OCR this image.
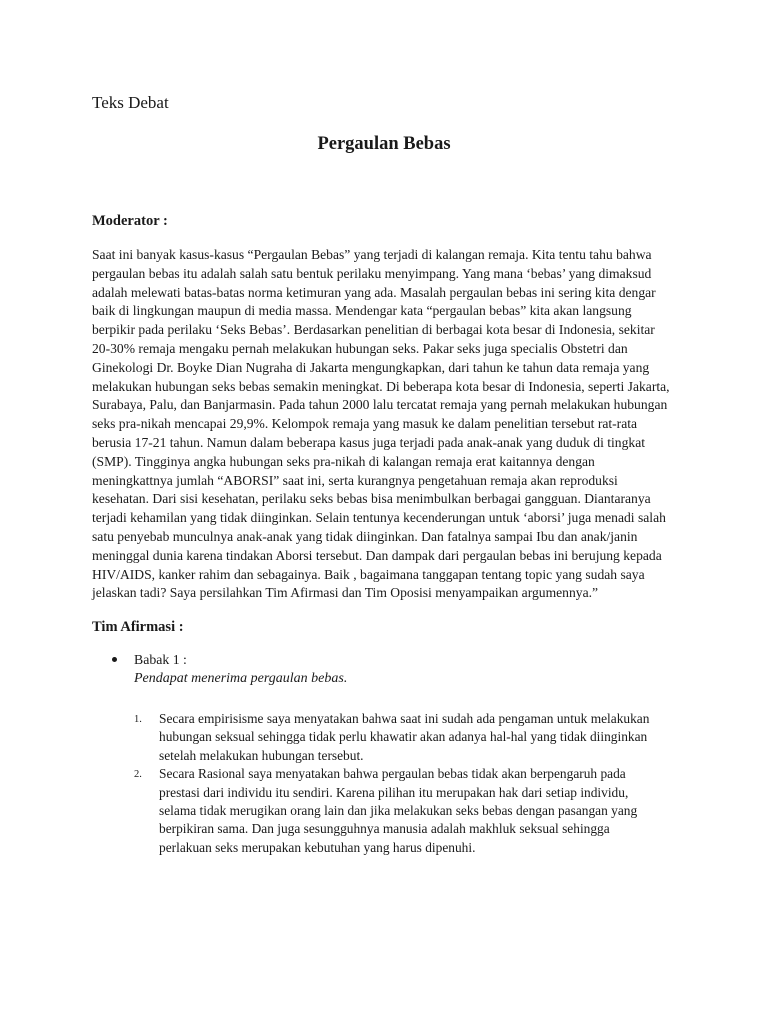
Teks Debat
Pergaulan Bebas
Moderator :
Saat ini banyak kasus-kasus “Pergaulan Bebas” yang terjadi di kalangan remaja. Kita tentu tahu bahwa
pergaulan bebas itu adalah salah satu bentuk perilaku menyimpang. Yang mana ‘bebas’ yang dimaksud
adalah melewati batas-batas norma ketimuran yang ada. Masalah pergaulan bebas ini sering kita dengar
baik di lingkungan maupun di media massa. Mendengar kata “pergaulan bebas” kita akan langsung
berpikir pada perilaku ‘Seks Bebas’. Berdasarkan penelitian di berbagai kota besar di Indonesia, sekitar
20-30% remaja mengaku pernah melakukan hubungan seks. Pakar seks juga specialis Obstetri dan
Ginekologi Dr. Boyke Dian Nugraha di Jakarta mengungkapkan, dari tahun ke tahun data remaja yang
melakukan hubungan seks bebas semakin meningkat. Di beberapa kota besar di Indonesia, seperti Jakarta,
Surabaya, Palu, dan Banjarmasin. Pada tahun 2000 lalu tercatat remaja yang pernah melakukan hubungan
seks pra-nikah mencapai 29,9%. Kelompok remaja yang masuk ke dalam penelitian tersebut rat-rata
berusia 17-21 tahun. Namun dalam beberapa kasus juga terjadi pada anak-anak yang duduk di tingkat
(SMP). Tingginya angka hubungan seks pra-nikah di kalangan remaja erat kaitannya dengan
meningkattnya jumlah “ABORSI” saat ini, serta kurangnya pengetahuan remaja akan reproduksi
kesehatan. Dari sisi kesehatan, perilaku seks bebas bisa menimbulkan berbagai gangguan. Diantaranya
terjadi kehamilan yang tidak diinginkan. Selain tentunya kecenderungan untuk ‘aborsi’ juga menadi salah
satu penyebab munculnya anak-anak yang tidak diinginkan. Dan fatalnya sampai Ibu dan anak/janin
meninggal dunia karena tindakan Aborsi tersebut. Dan dampak dari pergaulan bebas ini berujung kepada
HIV/AIDS, kanker rahim dan sebagainya. Baik , bagaimana tanggapan tentang topic yang sudah saya
jelaskan tadi? Saya persilahkan Tim Afirmasi dan Tim Oposisi menyampaikan argumennya.”
Tim Afirmasi :
Babak 1 :
Pendapat menerima pergaulan bebas.
1. Secara empirisisme saya menyatakan bahwa saat ini sudah ada pengaman untuk melakukan
hubungan seksual sehingga tidak perlu khawatir akan adanya hal-hal yang tidak diinginkan
setelah melakukan hubungan tersebut.
2. Secara Rasional saya menyatakan bahwa pergaulan bebas tidak akan berpengaruh pada
prestasi dari individu itu sendiri. Karena pilihan itu merupakan hak dari setiap individu,
selama tidak merugikan orang lain dan jika melakukan seks bebas dengan pasangan yang
berpikiran sama. Dan juga sesungguhnya manusia adalah makhluk seksual sehingga
perlakuan seks merupakan kebutuhan yang harus dipenuhi.
